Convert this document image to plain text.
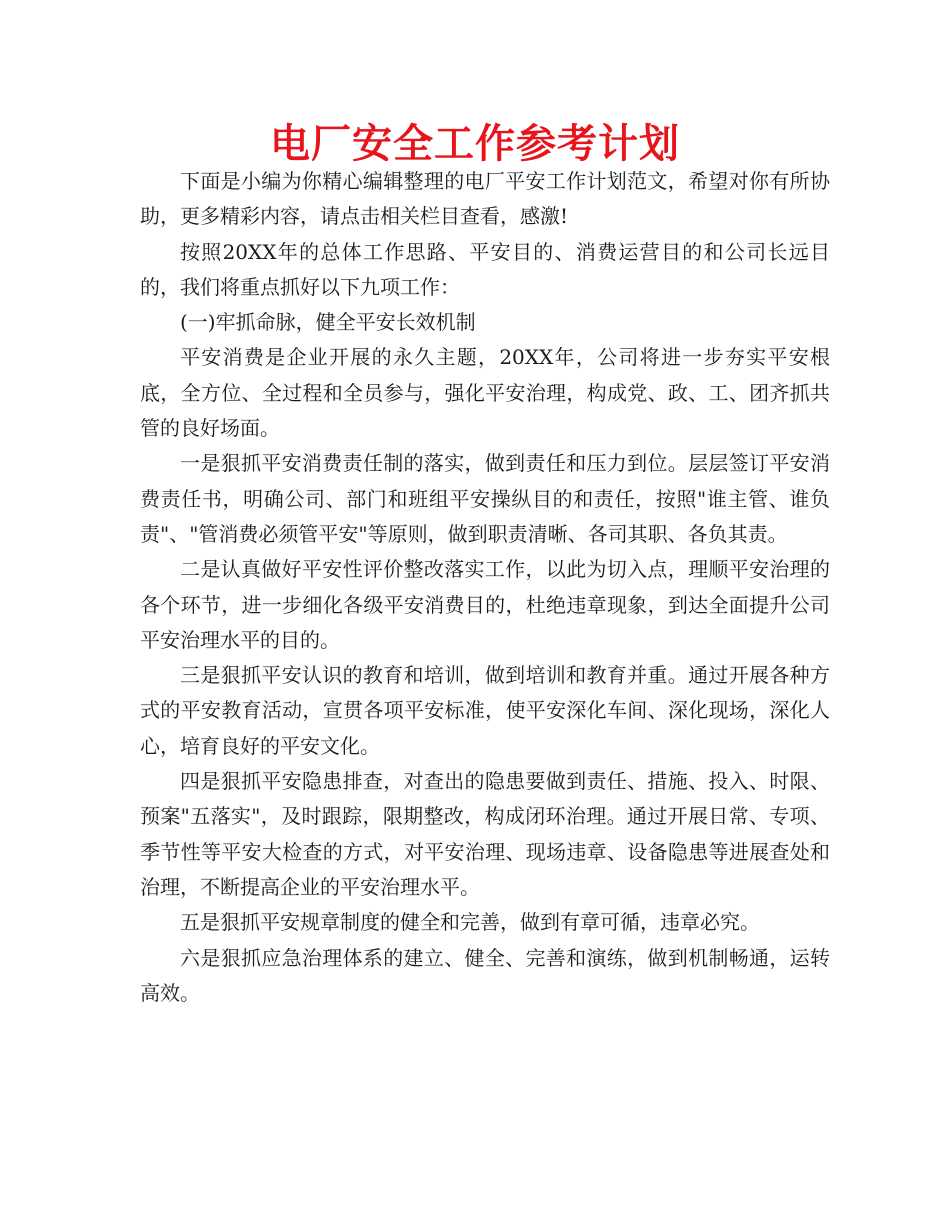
电厂安全工作参考计划

下面是小编为你精心编辑整理的电厂平安工作计划范文，希望对你有所协助，更多精彩内容，请点击相关栏目查看，感激!

按照20XX年的总体工作思路、平安目的、消费运营目的和公司长远目的，我们将重点抓好以下九项工作：

(一)牢抓命脉，健全平安长效机制

平安消费是企业开展的永久主题，20XX年，公司将进一步夯实平安根底，全方位、全过程和全员参与，强化平安治理，构成党、政、工、团齐抓共管的良好场面。

一是狠抓平安消费责任制的落实，做到责任和压力到位。层层签订平安消费责任书，明确公司、部门和班组平安操纵目的和责任，按照"谁主管、谁负责"、"管消费必须管平安"等原则，做到职责清晰、各司其职、各负其责。

二是认真做好平安性评价整改落实工作，以此为切入点，理顺平安治理的各个环节，进一步细化各级平安消费目的，杜绝违章现象，到达全面提升公司平安治理水平的目的。

三是狠抓平安认识的教育和培训，做到培训和教育并重。通过开展各种方式的平安教育活动，宣贯各项平安标准，使平安深化车间、深化现场，深化人心，培育良好的平安文化。

四是狠抓平安隐患排查，对查出的隐患要做到责任、措施、投入、时限、预案"五落实"，及时跟踪，限期整改，构成闭环治理。通过开展日常、专项、季节性等平安大检查的方式，对平安治理、现场违章、设备隐患等进展查处和治理，不断提高企业的平安治理水平。

五是狠抓平安规章制度的健全和完善，做到有章可循，违章必究。

六是狠抓应急治理体系的建立、健全、完善和演练，做到机制畅通，运转高效。
